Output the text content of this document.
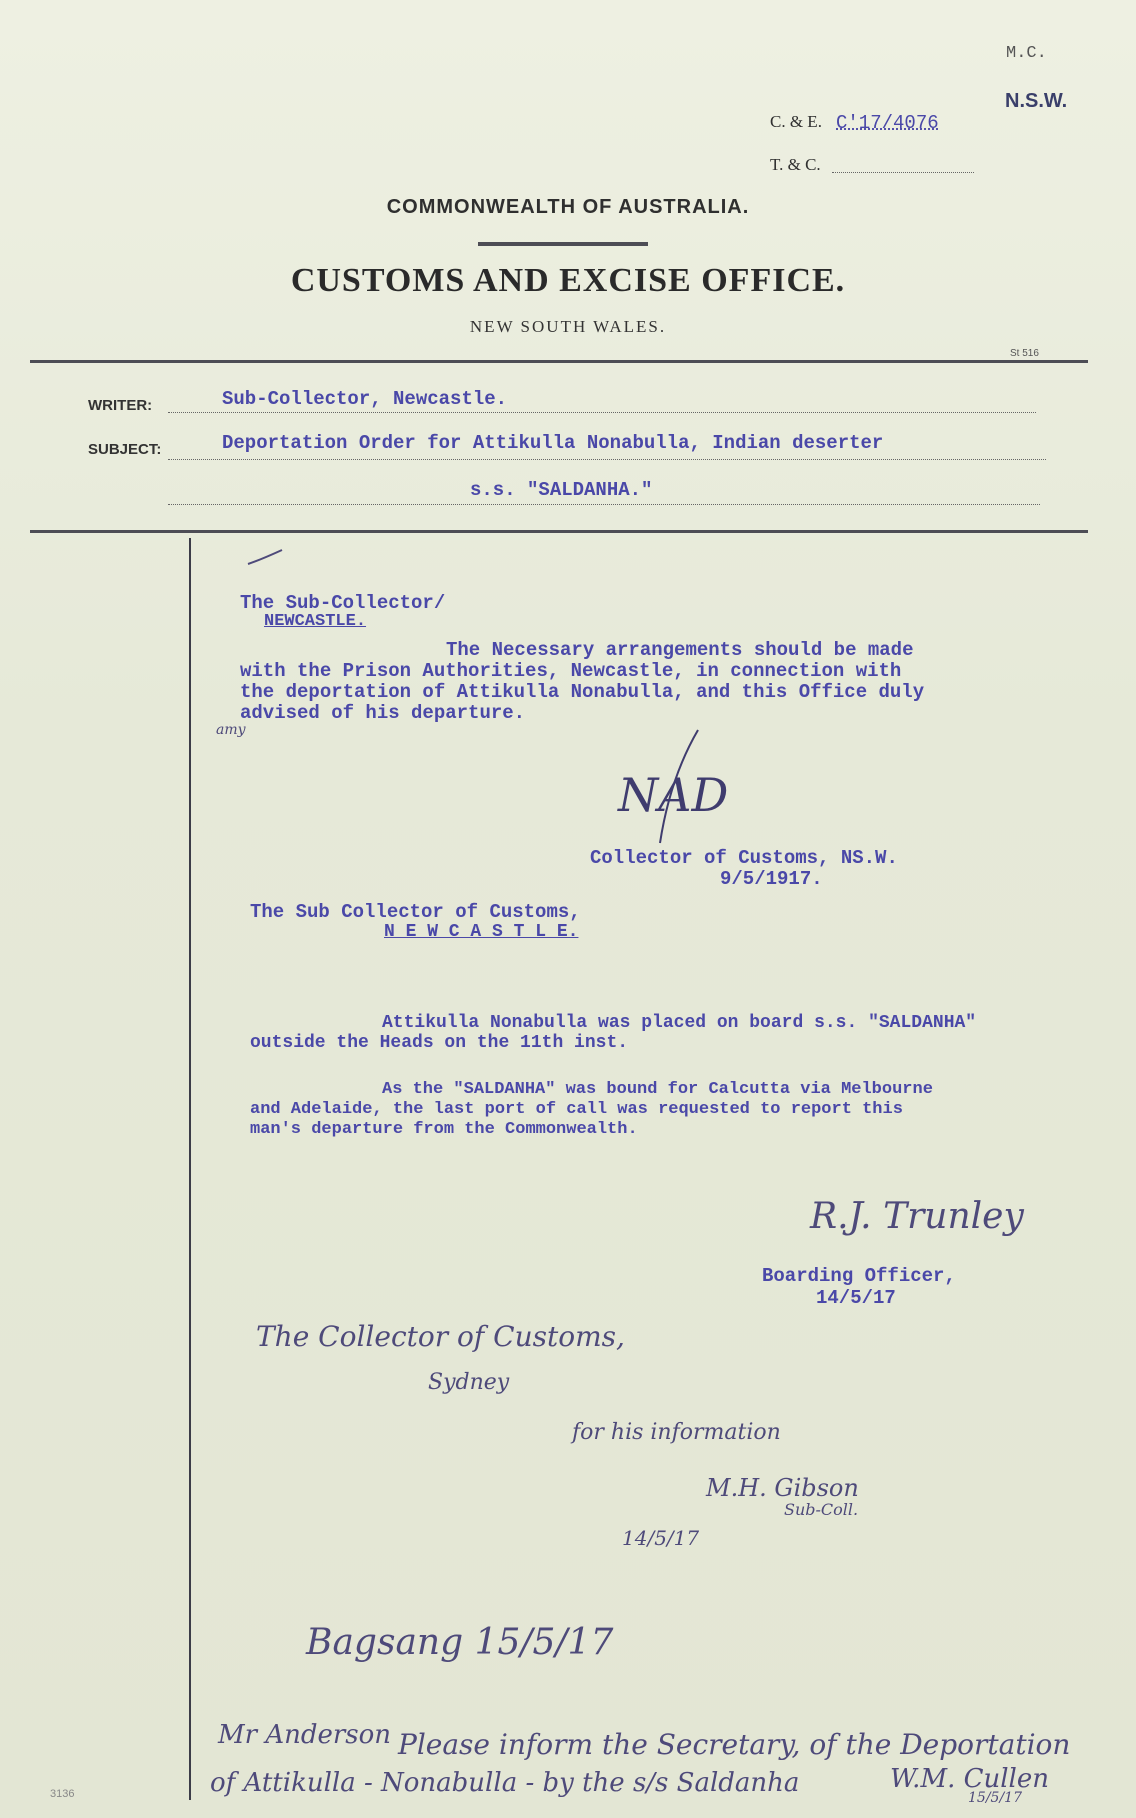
M.C.
N.S.W.
C. & E. C'17/4076
T. & C.
COMMONWEALTH OF AUSTRALIA.
CUSTOMS AND EXCISE OFFICE.
NEW SOUTH WALES.
St 516
WRITER:	Sub-Collector, Newcastle.
SUBJECT:	Deportation Order for Attikulla Nonabulla, Indian deserter
s.s. "SALDANHA."
The Sub-Collector/
NEWCASTLE.
The Necessary arrangements should be made
with the Prison Authorities, Newcastle, in connection with
the deportation of Attikulla Nonabulla, and this Office duly
advised of his departure.
amy
NAD
Collector of Customs, NS.W.
9/5/1917.
The Sub Collector of Customs,
N E W C A S T L E.
Attikulla Nonabulla was placed on board s.s. "SALDANHA"
outside the Heads on the 11th inst.
As the "SALDANHA" was bound for Calcutta via Melbourne
and Adelaide, the last port of call was requested to report this
man's departure from the Commonwealth.
R.J. Trunley
Boarding Officer,
14/5/17
The Collector of Customs,
Sydney
for his information
M.H. Gibson
Sub-Coll.
14/5/17
Bagsang 15/5/17
Mr Anderson Please inform the Secretary, of the Deportation
of Attikulla - Nonabulla - by the s/s Saldanha	W.M. Cullen
15/5/17
3136
